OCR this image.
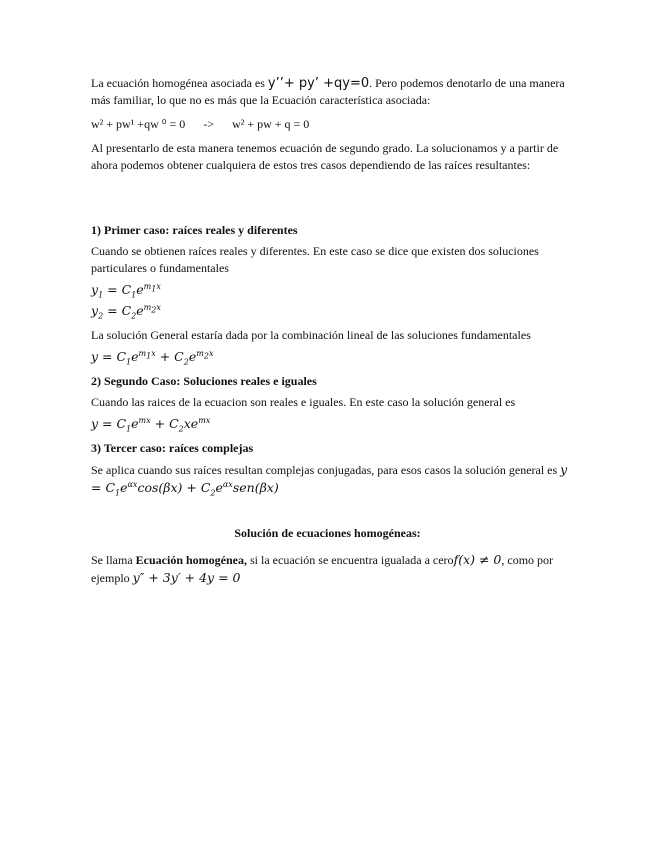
La ecuación homogénea asociada es y’’+ py’ +qy=0. Pero podemos denotarlo de una manera más familiar, lo que no es más que la Ecuación característica asociada:

w² + pw¹ +qw ⁰ = 0 -> w² + pw + q = 0

Al presentarlo de esta manera tenemos ecuación de segundo grado. La solucionamos y a partir de ahora podemos obtener cualquiera de estos tres casos dependiendo de las raíces resultantes:

1) Primer caso: raíces reales y diferentes

Cuando se obtienen raíces reales y diferentes. En este caso se dice que existen dos soluciones particulares o fundamentales

$y_1 = C_1e^{m_1x}$
$y_2 = C_2e^{m_2x}$

La solución General estaría dada por la combinación lineal de las soluciones fundamentales

$y = C_1e^{m_1x} + C_2e^{m_2x}$

2) Segundo Caso: Soluciones reales e iguales

Cuando las raices de la ecuacion son reales e iguales. En este caso la solución general es

$y = C_1e^{mx} + C_2xe^{mx}$

3) Tercer caso: raíces complejas

Se aplica cuando sus raíces resultan complejas conjugadas, para esos casos la solución general es $y = C_1e^{\alpha x}\cos(\beta x) + C_2e^{\alpha x}sen(\beta x)$

Solución de ecuaciones homogéneas:

Se llama Ecuación homogénea, si la ecuación se encuentra igualada a cerof(x) ≠ 0, como por ejemplo y″ + 3y′ + 4y = 0
